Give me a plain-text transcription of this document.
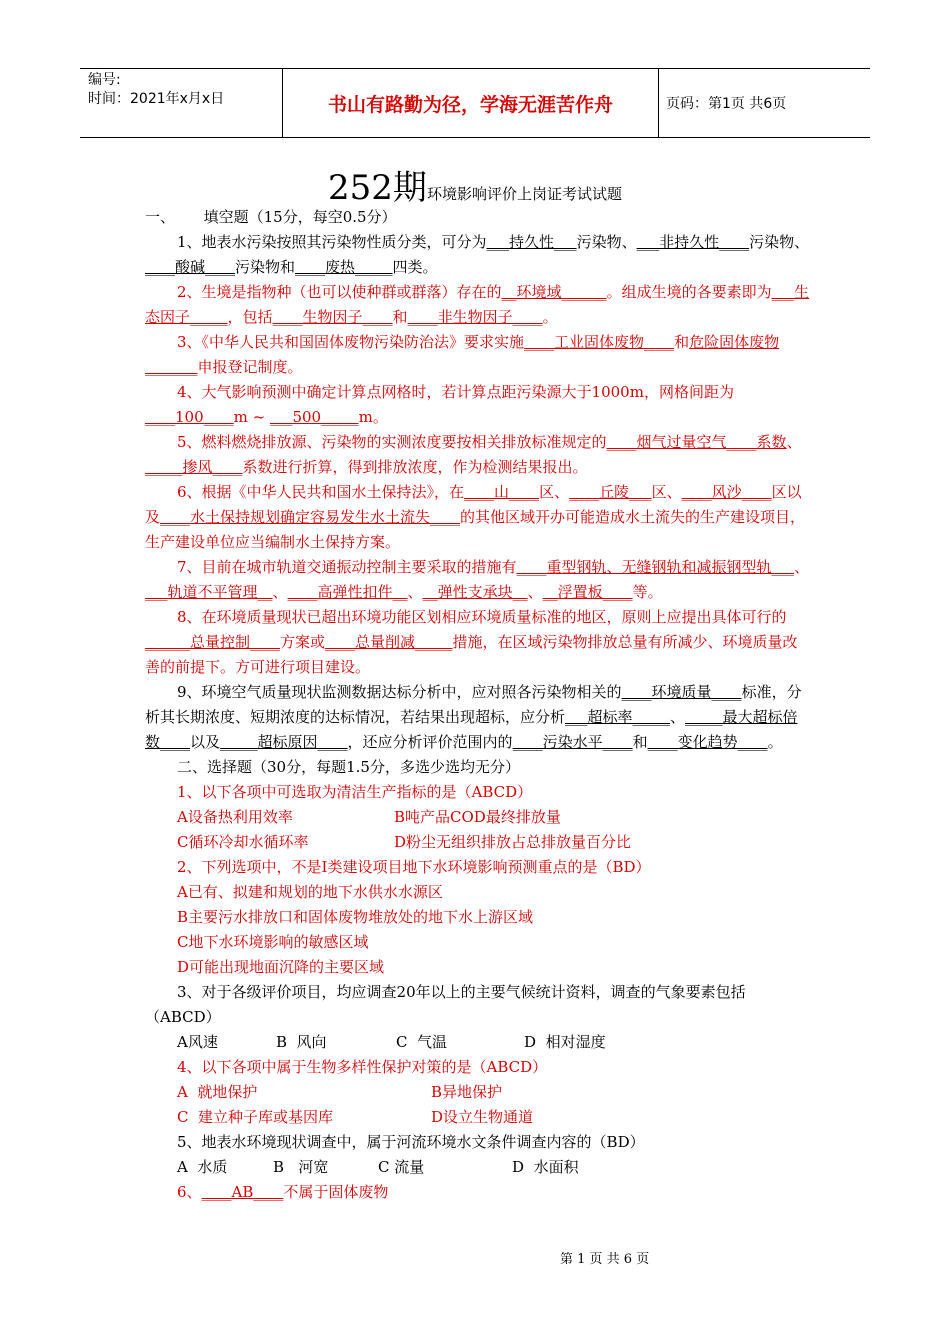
编号:
时间：2021年x月x日	书山有路勤为径，学海无涯苦作舟	页码：第1页 共6页
252期环境影响评价上岗证考试试题

一、      填空题（15分，每空0.5分）

1、地表水污染按照其污染物性质分类，可分为___持久性___污染物、___非持久性____污染物、____酸碱____污染物和____废热_____四类。

2、生境是指物种（也可以使种群或群落）存在的__环境域______。组成生境的各要素即为___生态因子_____，包括____生物因子____和____非生物因子____。

3、《中华人民共和国固体废物污染防治法》要求实施____工业固体废物____和危险固体废物_______申报登记制度。

4、大气影响预测中确定计算点网格时，若计算点距污染源大于1000m，网格间距为____100____m ~ ___500_____m。

5、燃料燃烧排放源、污染物的实测浓度要按相关排放标准规定的____烟气过量空气____系数、_____掺风____系数进行折算，得到排放浓度，作为检测结果报出。

6、根据《中华人民共和国水土保持法》，在____山____区、____丘陵___区、____风沙____区以及____水土保持规划确定容易发生水土流失____的其他区域开办可能造成水土流失的生产建设项目，生产建设单位应当编制水土保持方案。

7、目前在城市轨道交通振动控制主要采取的措施有____重型钢轨、无缝钢轨和减振钢型轨___、___轨道不平管理__、____高弹性扣件__、__弹性支承块__、__浮置板____等。

8、在环境质量现状已超出环境功能区划相应环境质量标准的地区，原则上应提出具体可行的______总量控制____方案或____总量削减_____措施，在区域污染物排放总量有所减少、环境质量改善的前提下。方可进行项目建设。

9、环境空气质量现状监测数据达标分析中，应对照各污染物相关的____环境质量____标准，分析其长期浓度、短期浓度的达标情况，若结果出现超标，应分析___超标率_____、_____最大超标倍数____以及_____超标原因____，还应分析评价范围内的____污染水平____和____变化趋势____。

二、选择题（30分，每题1.5分，多选少选均无分）

1、以下各项中可选取为清洁生产指标的是（ABCD）

A设备热利用效率	B吨产品COD最终排放量
C循环冷却水循环率	D粉尘无组织排放占总排放量百分比

2、下列选项中，不是I类建设项目地下水环境影响预测重点的是（BD）

A已有、拟建和规划的地下水供水水源区

B主要污水排放口和固体废物堆放处的地下水上游区域

C地下水环境影响的敏感区域

D可能出现地面沉降的主要区域

3、对于各级评价项目，均应调查20年以上的主要气候统计资料，调查的气象要素包括（ABCD）

A风速	B  风向	C  气温	D  相对湿度

4、以下各项中属于生物多样性保护对策的是（ABCD）

A  就地保护	B异地保护
C  建立种子库或基因库	D设立生物通道

5、地表水环境现状调查中，属于河流环境水文条件调查内容的（BD）

A  水质	B   河宽	C 流量	D  水面积

6、____AB____不属于固体废物

第 1 页 共 6 页
